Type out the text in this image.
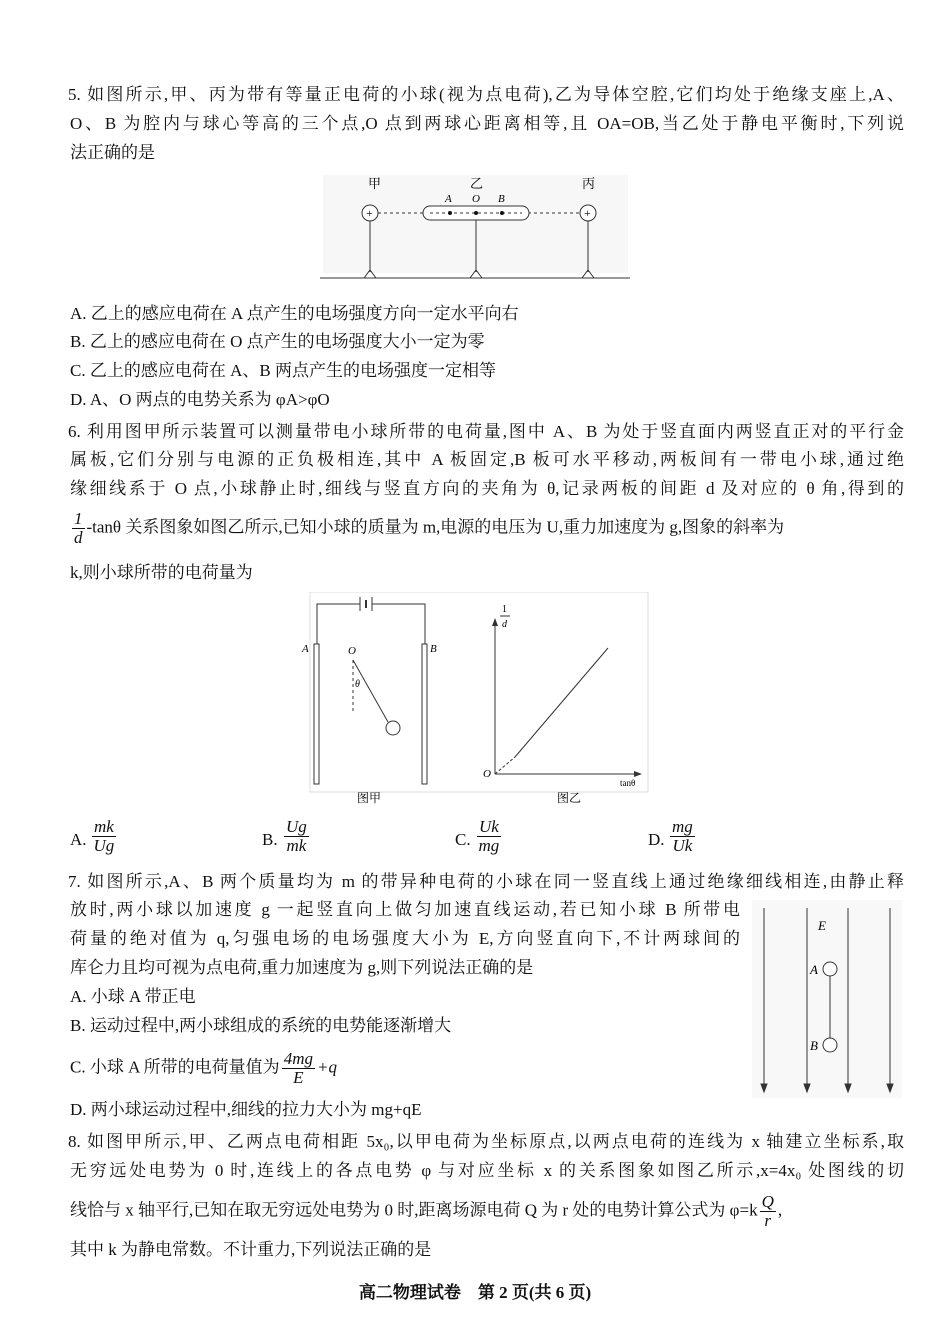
5. 如图所示,甲、丙为带有等量正电荷的小球(视为点电荷),乙为导体空腔,它们均处于绝缘支座上,A、
O、B 为腔内与球心等高的三个点,O 点到两球心距离相等,且 OA=OB,当乙处于静电平衡时,下列说
法正确的是
甲	乙	丙
A O B
+	+
A. 乙上的感应电荷在 A 点产生的电场强度方向一定水平向右
B. 乙上的感应电荷在 O 点产生的电场强度大小一定为零
C. 乙上的感应电荷在 A、B 两点产生的电场强度一定相等
D. A、O 两点的电势关系为 φA>φO
6. 利用图甲所示装置可以测量带电小球所带的电荷量,图中 A、B 为处于竖直面内两竖直正对的平行金
属板,它们分别与电源的正负极相连,其中 A 板固定,B 板可水平移动,两板间有一带电小球,通过绝
缘细线系于 O 点,小球静止时,细线与竖直方向的夹角为 θ,记录两板的间距 d 及对应的 θ 角,得到的
$\frac{1}{d} -\tan\theta$ 关系图象如图乙所示,已知小球的质量为 m,电源的电压为 U,重力加速度为 g,图象的斜率为
k,则小球所带的电荷量为
A	B
O
θ
图甲
1
d
O
tanθ
图乙
A. $\frac{mk}{Ug}$	B. $\frac{Ug}{mk}$	C. $\frac{Uk}{mg}$	D. $\frac{mg}{Uk}$
7. 如图所示,A、B 两个质量均为 m 的带异种电荷的小球在同一竖直线上通过绝缘细线相连,由静止释
放时,两小球以加速度 g 一起竖直向上做匀加速直线运动,若已知小球 B 所带电
荷量的绝对值为 q,匀强电场的电场强度大小为 E,方向竖直向下,不计两球间的
库仑力且均可视为点电荷,重力加速度为 g,则下列说法正确的是
A. 小球 A 带正电
B. 运动过程中,两小球组成的系统的电势能逐渐增大
C. 小球 A 所带的电荷量值为 $\frac{4mg}{E} +q$
D. 两小球运动过程中,细线的拉力大小为 mg+qE
E
A
B
8. 如图甲所示,甲、乙两点电荷相距 5x₀,以甲电荷为坐标原点,以两点电荷的连线为 x 轴建立坐标系,取
无穷远处电势为 0 时,连线上的各点电势 φ 与对应坐标 x 的关系图象如图乙所示,x=4x₀ 处图线的切
线恰与 x 轴平行,已知在取无穷远处电势为 0 时,距离场源电荷 Q 为 r 处的电势计算公式为 $\varphi=k \frac{Q}{r}$ ,
其中 k 为静电常数。不计重力,下列说法正确的是
高二物理试卷　第 2 页(共 6 页)
